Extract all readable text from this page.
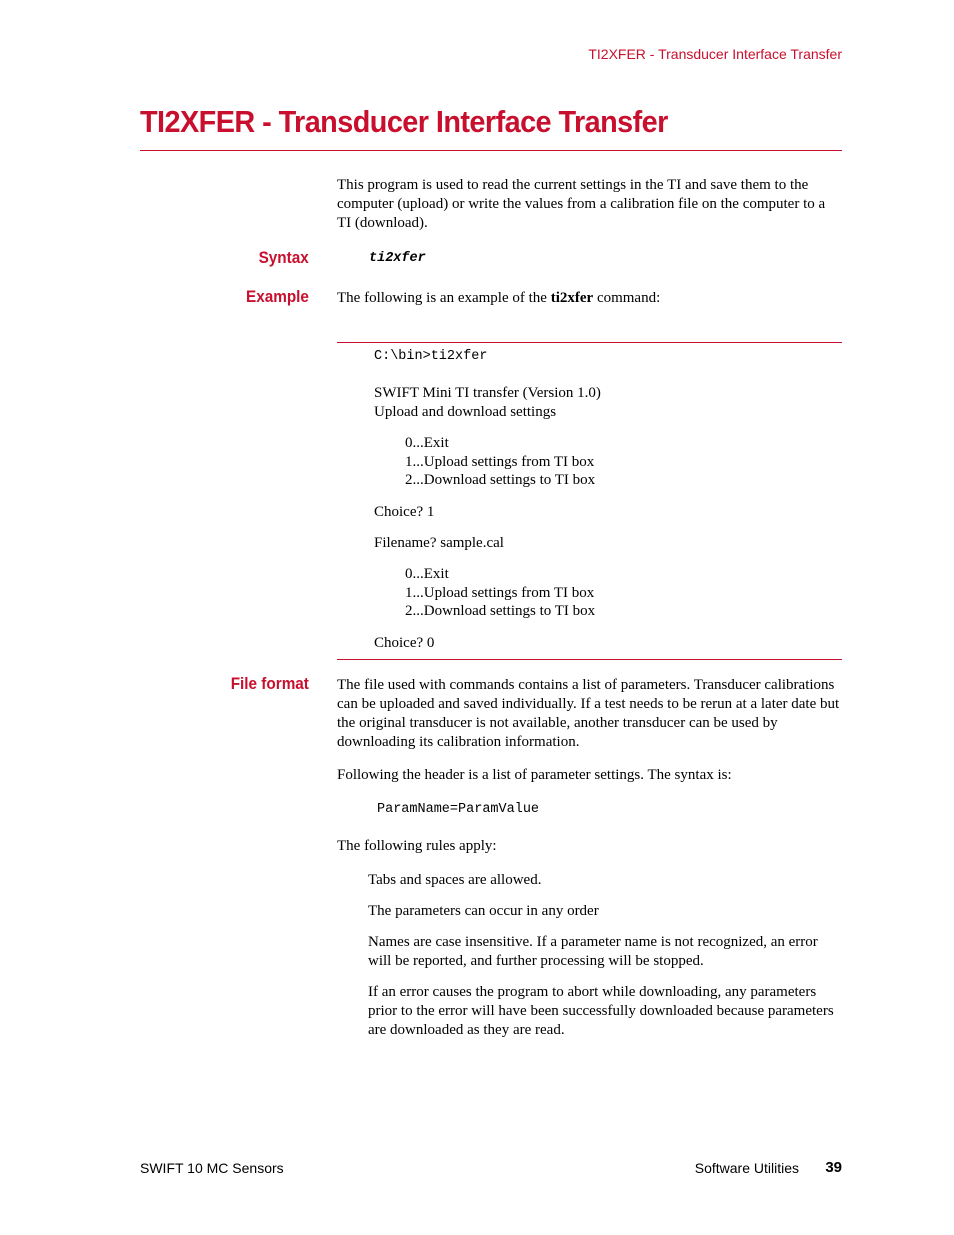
TI2XFER - Transducer Interface Transfer
TI2XFER - Transducer Interface Transfer

This program is used to read the current settings in the TI and save them to the computer (upload) or write the values from a calibration file on the computer to a TI (download).

Syntax	ti2xfer
Example The following is an example of the ti2xfer command:

C:\bin>ti2xfer
SWIFT Mini TI transfer (Version 1.0)
Upload and download settings
0...Exit
1...Upload settings from TI box
2...Download settings to TI box
Choice? 1
Filename? sample.cal
0...Exit
1...Upload settings from TI box
2...Download settings to TI box
Choice? 0
File format The file used with commands contains a list of parameters. Transducer calibrations can be uploaded and saved individually. If a test needs to be rerun at a later date but the original transducer is not available, another transducer can be used by downloading its calibration information.

Following the header is a list of parameter settings. The syntax is:

ParamName=ParamValue

The following rules apply:

Tabs and spaces are allowed.

The parameters can occur in any order

Names are case insensitive. If a parameter name is not recognized, an error will be reported, and further processing will be stopped.

If an error causes the program to abort while downloading, any parameters prior to the error will have been successfully downloaded because parameters are downloaded as they are read.

SWIFT 10 MC Sensors	Software Utilities 39
